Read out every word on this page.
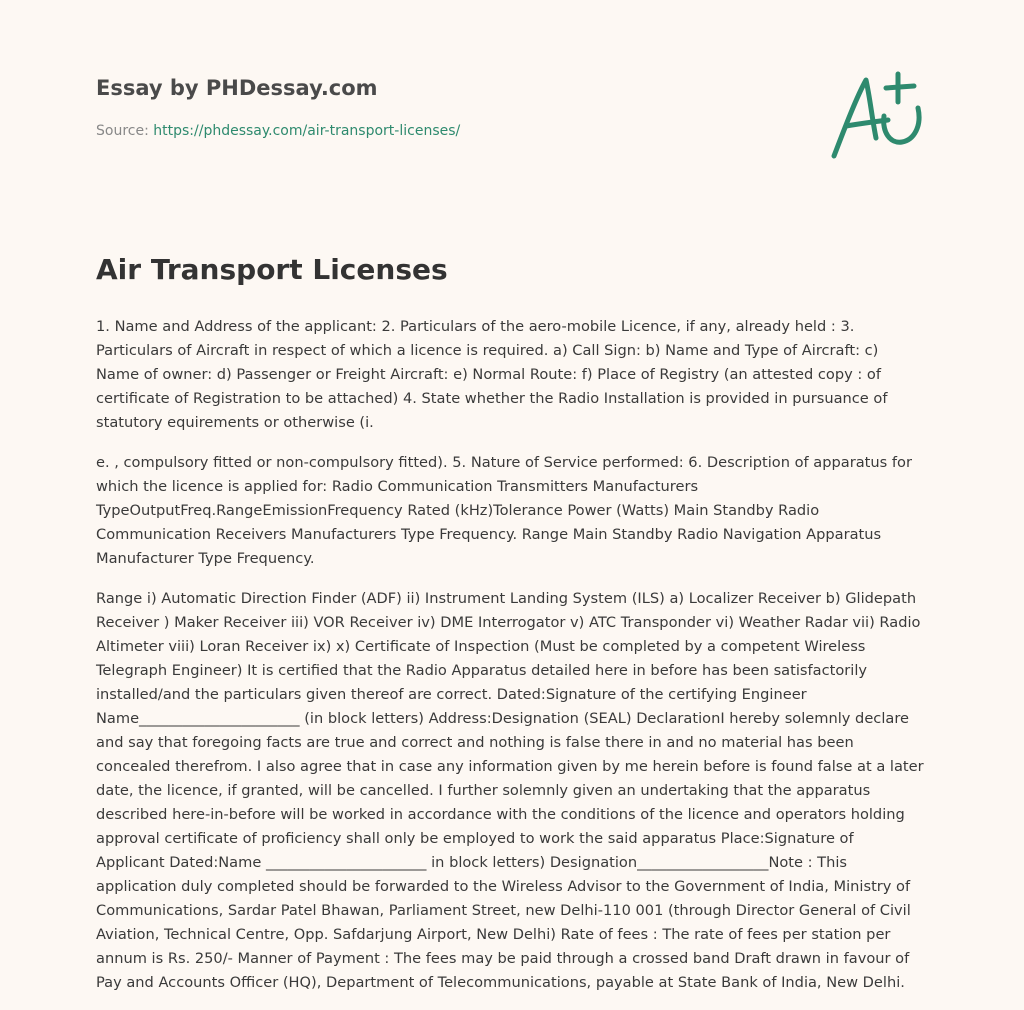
Essay by PHDessay.com

Source: https://phdessay.com/air-transport-licenses/

Air Transport Licenses

1. Name and Address of the applicant: 2. Particulars of the aero-mobile Licence, if any, already held : 3. Particulars of Aircraft in respect of which a licence is required. a) Call Sign: b) Name and Type of Aircraft: c) Name of owner: d) Passenger or Freight Aircraft: e) Normal Route: f) Place of Registry (an attested copy : of certificate of Registration to be attached) 4. State whether the Radio Installation is provided in pursuance of statutory equirements or otherwise (i.

e. , compulsory fitted or non-compulsory fitted). 5. Nature of Service performed: 6. Description of apparatus for which the licence is applied for: Radio Communication Transmitters Manufacturers TypeOutputFreq.RangeEmissionFrequency Rated (kHz)Tolerance Power (Watts) Main Standby Radio Communication Receivers Manufacturers Type Frequency. Range Main Standby Radio Navigation Apparatus Manufacturer Type Frequency.

Range i) Automatic Direction Finder (ADF) ii) Instrument Landing System (ILS) a) Localizer Receiver b) Glidepath Receiver ) Maker Receiver iii) VOR Receiver iv) DME Interrogator v) ATC Transponder vi) Weather Radar vii) Radio Altimeter viii) Loran Receiver ix) x) Certificate of Inspection (Must be completed by a competent Wireless Telegraph Engineer) It is certified that the Radio Apparatus detailed here in before has been satisfactorily installed/and the particulars given thereof are correct. Dated:Signature of the certifying Engineer Name______________________ (in block letters) Address:Designation (SEAL) DeclarationI hereby solemnly declare and say that foregoing facts are true and correct and nothing is false there in and no material has been concealed therefrom. I also agree that in case any information given by me herein before is found false at a later date, the licence, if granted, will be cancelled. I further solemnly given an undertaking that the apparatus described here-in-before will be worked in accordance with the conditions of the licence and operators holding approval certificate of proficiency shall only be employed to work the said apparatus Place:Signature of Applicant Dated:Name ______________________ in block letters) Designation__________________Note : This application duly completed should be forwarded to the Wireless Advisor to the Government of India, Ministry of Communications, Sardar Patel Bhawan, Parliament Street, new Delhi-110 001 (through Director General of Civil Aviation, Technical Centre, Opp. Safdarjung Airport, New Delhi) Rate of fees : The rate of fees per station per annum is Rs. 250/- Manner of Payment : The fees may be paid through a crossed band Draft drawn in favour of Pay and Accounts Officer (HQ), Department of Telecommunications, payable at State Bank of India, New Delhi.
